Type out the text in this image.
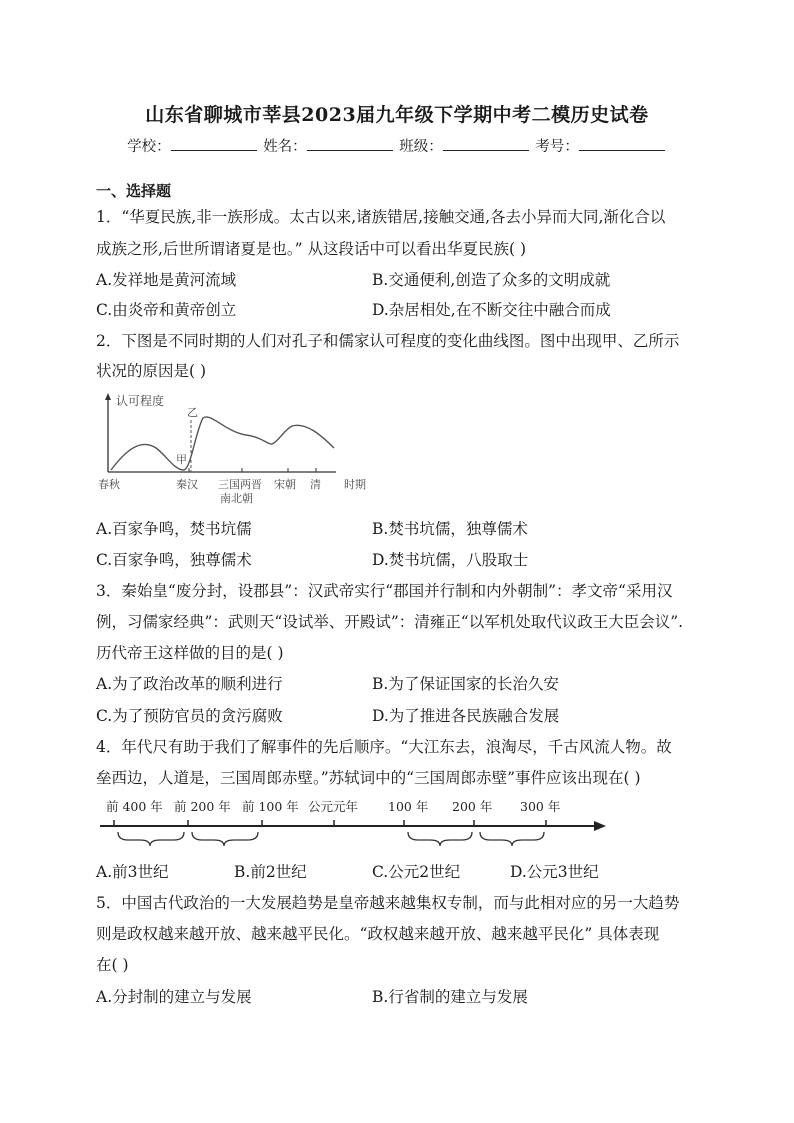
山东省聊城市莘县2023届九年级下学期中考二模历史试卷
学校：	姓名：	班级：	考号：
一、选择题
1．“华夏民族,非一族形成。太古以来,诸族错居,接触交通,各去小异而大同,渐化合以
成族之形,后世所谓诸夏是也。” 从这段话中可以看出华夏民族( )
A.发祥地是黄河流域	B.交通便利,创造了众多的文明成就
C.由炎帝和黄帝创立	D.杂居相处,在不断交往中融合而成
2．下图是不同时期的人们对孔子和儒家认可程度的变化曲线图。图中出现甲、乙所示
状况的原因是( )
认可程度
甲
乙
春秋	秦汉 三国两晋
南北朝
宋朝 清 时期
A.百家争鸣，焚书坑儒	B.焚书坑儒，独尊儒术
C.百家争鸣，独尊儒术	D.焚书坑儒，八股取士
3．秦始皇“废分封，设郡县”：汉武帝实行“郡国并行制和内外朝制”：孝文帝“采用汉
例，习儒家经典”：武则天“设试举、开殿试”：清雍正“以军机处取代议政王大臣会议”.
历代帝王这样做的目的是( )
A.为了政治改革的顺利进行	B.为了保证国家的长治久安
C.为了预防官员的贪污腐败	D.为了推进各民族融合发展
4．年代尺有助于我们了解事件的先后顺序。“大江东去，浪淘尽，千古风流人物。故
垒西边，人道是，三国周郎赤壁。”苏轼词中的“三国周郎赤壁”事件应该出现在( )
前 400 年 前 200 年 前 100 年 公元元年 100 年 200 年 300 年
A.前3世纪	B.前2世纪	C.公元2世纪	D.公元3世纪
5．中国古代政治的一大发展趋势是皇帝越来越集权专制，而与此相对应的另一大趋势
则是政权越来越开放、越来越平民化。“政权越来越开放、越来越平民化” 具体表现
在( )
A.分封制的建立与发展	B.行省制的建立与发展
